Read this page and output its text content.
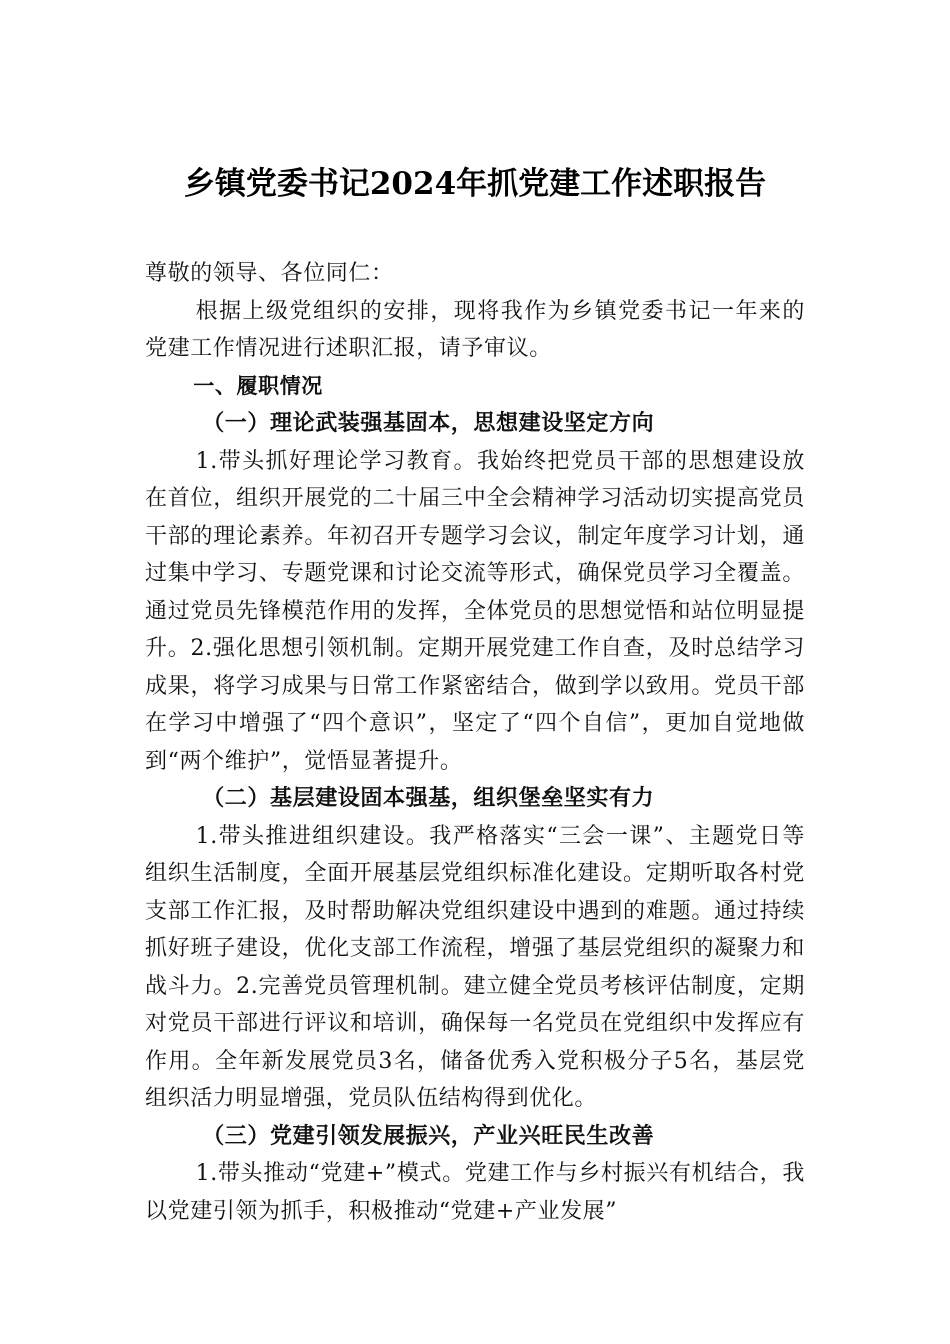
乡镇党委书记2024年抓党建工作述职报告

尊敬的领导、各位同仁：

根据上级党组织的安排，现将我作为乡镇党委书记一年来的党建工作情况进行述职汇报，请予审议。

一、履职情况

（一）理论武装强基固本，思想建设坚定方向

1.带头抓好理论学习教育。我始终把党员干部的思想建设放在首位，组织开展党的二十届三中全会精神学习活动切实提高党员干部的理论素养。年初召开专题学习会议，制定年度学习计划，通过集中学习、专题党课和讨论交流等形式，确保党员学习全覆盖。通过党员先锋模范作用的发挥，全体党员的思想觉悟和站位明显提升。2.强化思想引领机制。定期开展党建工作自查，及时总结学习成果，将学习成果与日常工作紧密结合，做到学以致用。党员干部在学习中增强了“四个意识”，坚定了“四个自信”，更加自觉地做到“两个维护”，觉悟显著提升。

（二）基层建设固本强基，组织堡垒坚实有力

1.带头推进组织建设。我严格落实“三会一课”、主题党日等组织生活制度，全面开展基层党组织标准化建设。定期听取各村党支部工作汇报，及时帮助解决党组织建设中遇到的难题。通过持续抓好班子建设，优化支部工作流程，增强了基层党组织的凝聚力和战斗力。2.完善党员管理机制。建立健全党员考核评估制度，定期对党员干部进行评议和培训，确保每一名党员在党组织中发挥应有作用。全年新发展党员3名，储备优秀入党积极分子5名，基层党组织活力明显增强，党员队伍结构得到优化。

（三）党建引领发展振兴，产业兴旺民生改善

1.带头推动“党建+”模式。党建工作与乡村振兴有机结合，我以党建引领为抓手，积极推动“党建+产业发展”
